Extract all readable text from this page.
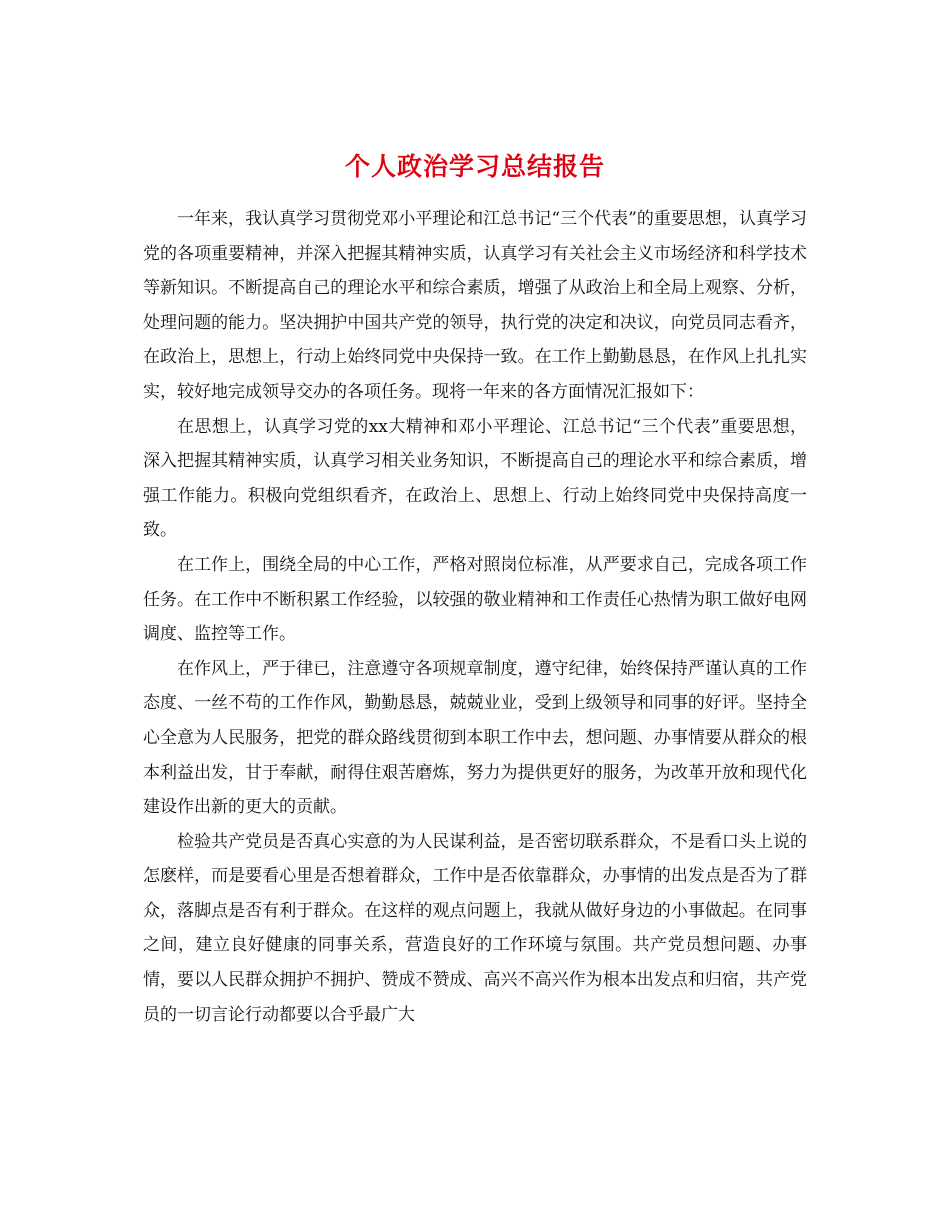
个人政治学习总结报告

一年来，我认真学习贯彻党邓小平理论和江总书记“三个代表”的重要思想，认真学习党的各项重要精神，并深入把握其精神实质，认真学习有关社会主义市场经济和科学技术等新知识。不断提高自己的理论水平和综合素质，增强了从政治上和全局上观察、分析，处理问题的能力。坚决拥护中国共产党的领导，执行党的决定和决议，向党员同志看齐，在政治上，思想上，行动上始终同党中央保持一致。在工作上勤勤恳恳，在作风上扎扎实实，较好地完成领导交办的各项任务。现将一年来的各方面情况汇报如下：

在思想上，认真学习党的xx大精神和邓小平理论、江总书记“三个代表”重要思想，深入把握其精神实质，认真学习相关业务知识，不断提高自己的理论水平和综合素质，增强工作能力。积极向党组织看齐，在政治上、思想上、行动上始终同党中央保持高度一致。

在工作上，围绕全局的中心工作，严格对照岗位标准，从严要求自己，完成各项工作任务。在工作中不断积累工作经验，以较强的敬业精神和工作责任心热情为职工做好电网调度、监控等工作。

在作风上，严于律已，注意遵守各项规章制度，遵守纪律，始终保持严谨认真的工作态度、一丝不苟的工作作风，勤勤恳恳，兢兢业业，受到上级领导和同事的好评。坚持全心全意为人民服务，把党的群众路线贯彻到本职工作中去，想问题、办事情要从群众的根本利益出发，甘于奉献，耐得住艰苦磨炼，努力为提供更好的服务，为改革开放和现代化建设作出新的更大的贡献。

检验共产党员是否真心实意的为人民谋利益，是否密切联系群众，不是看口头上说的怎麽样，而是要看心里是否想着群众，工作中是否依靠群众，办事情的出发点是否为了群众，落脚点是否有利于群众。在这样的观点问题上，我就从做好身边的小事做起。在同事之间，建立良好健康的同事关系，营造良好的工作环境与氛围。共产党员想问题、办事情，要以人民群众拥护不拥护、赞成不赞成、高兴不高兴作为根本出发点和归宿，共产党员的一切言论行动都要以合乎最广大
